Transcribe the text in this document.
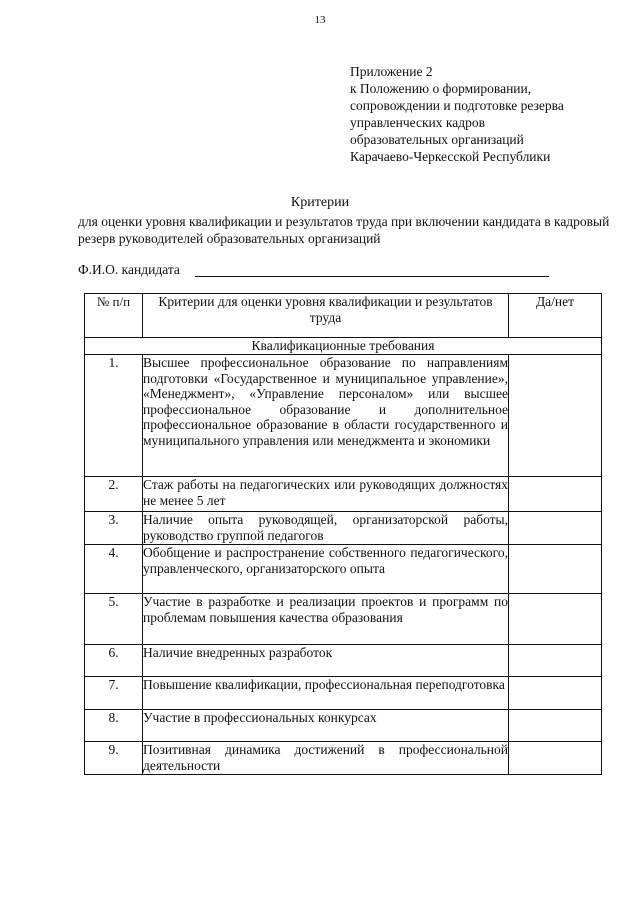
13
Приложение 2
к Положению о формировании,
сопровождении и подготовке резерва
управленческих кадров
образовательных организаций
Карачаево-Черкесской Республики
Критерии
для оценки уровня квалификации и результатов труда при включении кандидата в кадровый резерв руководителей образовательных организаций
Ф.И.О. кандидата
№ п/п	Критерии для оценки уровня квалификации и результатов труда	Да/нет
Квалификационные требования		
1.	Высшее профессиональное образование по направлениям подготовки «Государственное и муниципальное управление», «Менеджмент», «Управление персоналом» или высшее профессиональное образование и дополнительное профессиональное образование в области государственного и муниципального управления или менеджмента и экономики	
2.	Стаж работы на педагогических или руководящих должностях не менее 5 лет	
3.	Наличие опыта руководящей, организаторской работы, руководство группой педагогов	
4.	Обобщение и распространение собственного педагогического, управленческого, организаторского опыта	
5.	Участие в разработке и реализации проектов и программ по проблемам повышения качества образования	
6.	Наличие внедренных разработок	
7.	Повышение квалификации, профессиональная переподготовка	
8.	Участие в профессиональных конкурсах	
9.	Позитивная динамика достижений в профессиональной деятельности	
